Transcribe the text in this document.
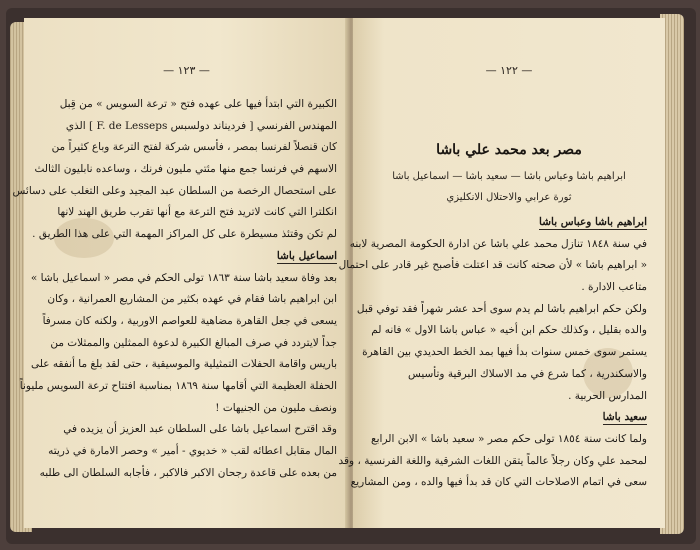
— ١٢٣ —
الكبيرة التي ابتدأ فيها على عهده فتح « ترعة السويس » من قِبل
المهندس الفرنسي [ فرديناند دولسبس F. de Lesseps ] الذي
كان قنصلاً لفرنسا بمصر ، فأسس شركة لفتح الترعة وباع كثيراً من
الاسهم في فرنسا جمع منها مئتي مليون فرنك ، وساعده نابليون الثالث
على استحصال الرخصة من السلطان عبد المجيد وعلى التغلب على دسائس
انكلترا التي كانت لاتريد فتح الترعة مع أنها تقرب طريق الهند لانها
لم تكن وقتئذ مسيطرة على كل المراكز المهمة التي على هذا الطريق .
اسماعيل باشا
بعد وفاة سعيد باشا سنة ١٨٦٣ تولى الحكم في مصر « اسماعيل باشا »
ابن ابراهيم باشا فقام في عهده بكثير من المشاريع العمرانية ، وكان
يسعى في جعل القاهرة مضاهية للعواصم الاوربية ، ولكنه كان مسرفاً
جداً لايتردد في صرف المبالغ الكبيرة لدعوة الممثلين والممثلات من
باريس واقامة الحفلات التمثيلية والموسيقية ، حتى لقد بلغ ما أنفقه على
الحفلة العظيمة التي أقامها سنة ١٨٦٩ بمناسبة افتتاح ترعة السويس مليوناً
ونصف مليون من الجنيهات !
وقد اقترح اسماعيل باشا على السلطان عبد العزيز أن يزيده في
المال مقابل اعطائه لقب « خديوي - أمير » وحصر الامارة في ذريته
من بعده على قاعدة رجحان الاكبر فالاكبر ، فأجابه السلطان الى طلبه
— ١٢٢ —
مصر بعد محمد علي باشا
ابراهيم باشا وعباس باشا — سعيد باشا — اسماعيل باشا
ثورة عرابي والاحتلال الانكليزي
ابراهيم باشا وعباس باشا
في سنة ١٨٤٨ تنازل محمد علي باشا عن ادارة الحكومة المصرية لابنه
« ابراهيم باشا » لأن صحته كانت قد اعتلت فأصبح غير قادر على احتمال
متاعب الادارة .
ولكن حكم ابراهيم باشا لم يدم سوى أحد عشر شهراً فقد توفي قبل
والده بقليل ، وكذلك حكم ابن أخيه « عباس باشا الاول » فانه لم
يستمر سوى خمس سنوات بدأ فيها بمد الخط الحديدي بين القاهرة
والاسكندرية ، كما شرع في مد الاسلاك البرقية وتأسيس
المدارس الحربية .
سعيد باشا
ولما كانت سنة ١٨٥٤ تولى حكم مصر « سعيد باشا » الابن الرابع
لمحمد علي وكان رجلاً عالماً يتقن اللغات الشرقية واللغة الفرنسية ، وقد
سعى في اتمام الاصلاحات التي كان قد بدأ فيها والده ، ومن المشاريع
